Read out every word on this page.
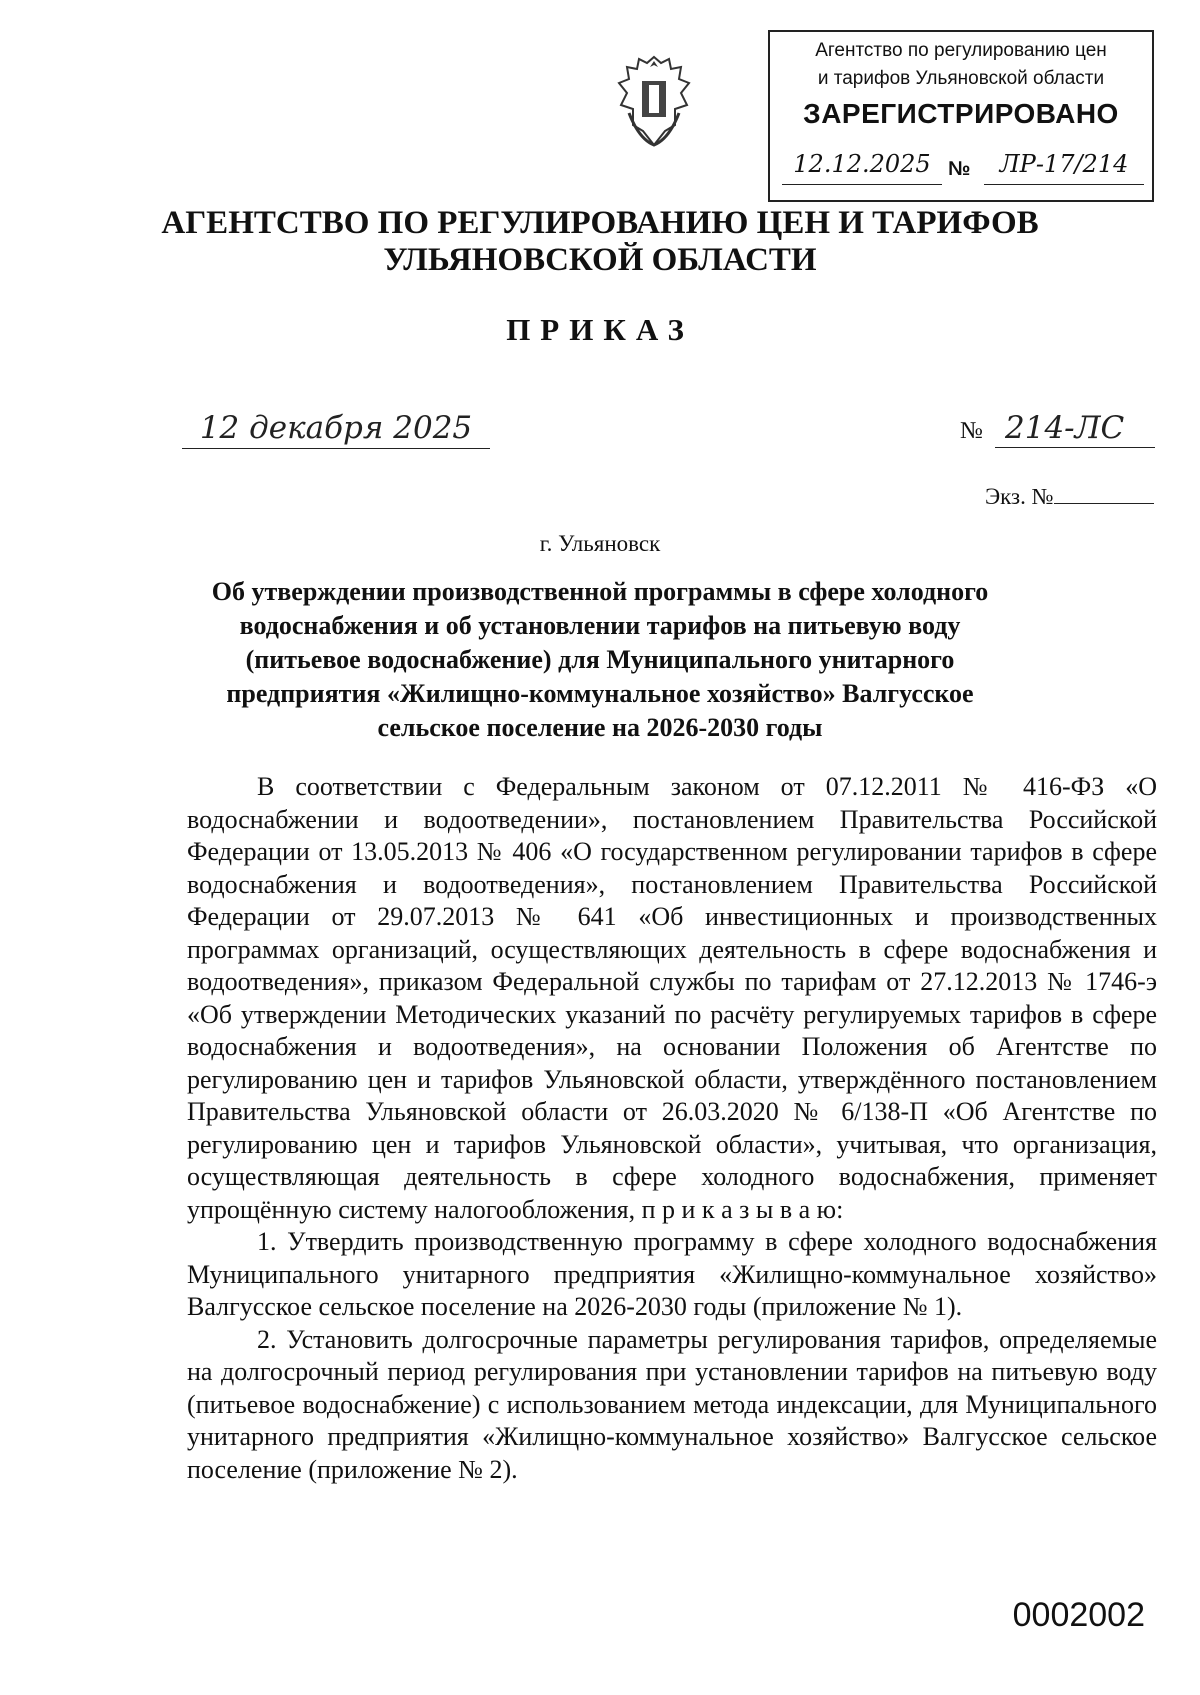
Агентство по регулированию цен
и тарифов Ульяновской области
ЗАРЕГИСТРИРОВАНО
12.12.2025 №	ЛР-17/214
АГЕНТСТВО ПО РЕГУЛИРОВАНИЮ ЦЕН И ТАРИФОВ
УЛЬЯНОВСКОЙ ОБЛАСТИ
ПРИКАЗ
12 декабря 2025	№ 214-ЛС
Экз. №
г. Ульяновск
Об утверждении производственной программы в сфере холодного водоснабжения и об установлении тарифов на питьевую воду (питьевое водоснабжение) для Муниципального унитарного предприятия «Жилищно-коммунальное хозяйство» Валгусское сельское поселение на 2026-2030 годы

В соответствии с Федеральным законом от 07.12.2011 № 416-ФЗ «О водоснабжении и водоотведении», постановлением Правительства Российской Федерации от 13.05.2013 № 406 «О государственном регулировании тарифов в сфере водоснабжения и водоотведения», постановлением Правительства Российской Федерации от 29.07.2013 № 641 «Об инвестиционных и производственных программах организаций, осуществляющих деятельность в сфере водоснабжения и водоотведения», приказом Федеральной службы по тарифам от 27.12.2013 № 1746-э «Об утверждении Методических указаний по расчёту регулируемых тарифов в сфере водоснабжения и водоотведения», на основании Положения об Агентстве по регулированию цен и тарифов Ульяновской области, утверждённого постановлением Правительства Ульяновской области от 26.03.2020 № 6/138-П «Об Агентстве по регулированию цен и тарифов Ульяновской области», учитывая, что организация, осуществляющая деятельность в сфере холодного водоснабжения, применяет упрощённую систему налогообложения, п р и к а з ы в а ю:

1. Утвердить производственную программу в сфере холодного водоснабжения Муниципального унитарного предприятия «Жилищно-коммунальное хозяйство» Валгусское сельское поселение на 2026-2030 годы (приложение № 1).

2. Установить долгосрочные параметры регулирования тарифов, определяемые на долгосрочный период регулирования при установлении тарифов на питьевую воду (питьевое водоснабжение) с использованием метода индексации, для Муниципального унитарного предприятия «Жилищно-коммунальное хозяйство» Валгусское сельское поселение (приложение № 2).

0002002
